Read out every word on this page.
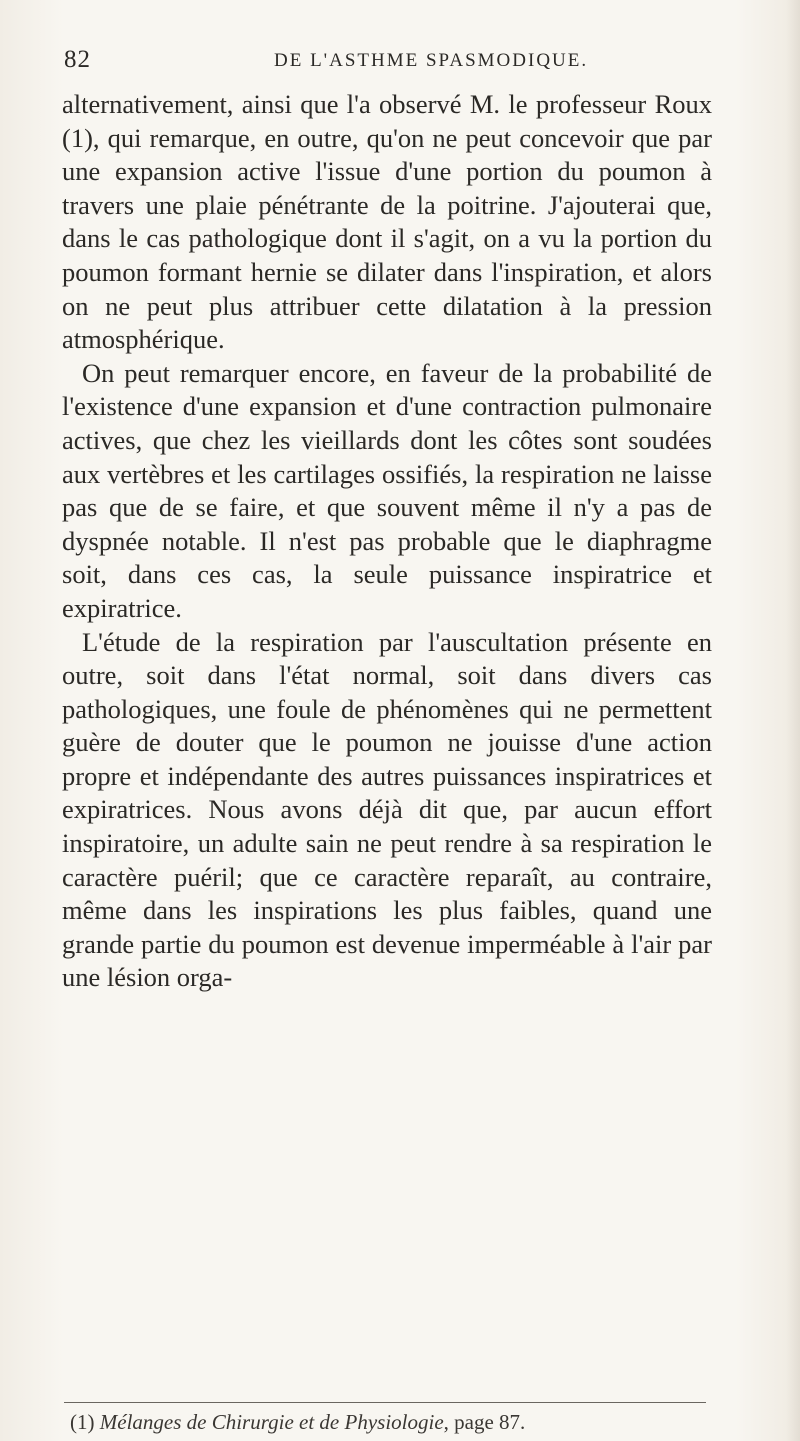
82	DE L'ASTHME SPASMODIQUE.

alternativement, ainsi que l'a observé M. le professeur Roux (1), qui remarque, en outre, qu'on ne peut concevoir que par une expansion active l'issue d'une portion du poumon à travers une plaie pénétrante de la poitrine. J'ajouterai que, dans le cas pathologique dont il s'agit, on a vu la portion du poumon formant hernie se dilater dans l'inspiration, et alors on ne peut plus attribuer cette dilatation à la pression atmosphérique.

On peut remarquer encore, en faveur de la probabilité de l'existence d'une expansion et d'une contraction pulmonaire actives, que chez les vieillards dont les côtes sont soudées aux vertèbres et les cartilages ossifiés, la respiration ne laisse pas que de se faire, et que souvent même il n'y a pas de dyspnée notable. Il n'est pas probable que le diaphragme soit, dans ces cas, la seule puissance inspiratrice et expiratrice.

L'étude de la respiration par l'auscultation présente en outre, soit dans l'état normal, soit dans divers cas pathologiques, une foule de phénomènes qui ne permettent guère de douter que le poumon ne jouisse d'une action propre et indépendante des autres puissances inspiratrices et expiratrices. Nous avons déjà dit que, par aucun effort inspiratoire, un adulte sain ne peut rendre à sa respiration le caractère puéril; que ce caractère reparaît, au contraire, même dans les inspirations les plus faibles, quand une grande partie du poumon est devenue imperméable à l'air par une lésion orga-

(1) Mélanges de Chirurgie et de Physiologie, page 87.
